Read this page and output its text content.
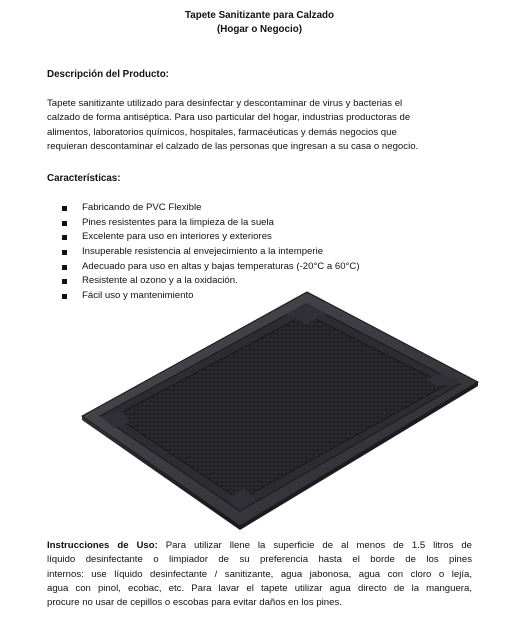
Tapete Sanitizante para Calzado
(Hogar o Negocio)
Descripción del Producto:
Tapete sanitizante utilizado para desinfectar y descontaminar de virus y bacterias el
calzado de forma antiséptica. Para uso particular del hogar, industrias productoras de
alimentos, laboratorios químicos, hospitales, farmacéuticas y demás negocios que
requieran descontaminar el calzado de las personas que ingresan a su casa o negocio.
Características:
Fabricando de PVC Flexible
Pines resistentes para la limpieza de la suela
Excelente para uso en interiores y exteriores
Insuperable resistencia al envejecimiento a la intemperie
Adecuado para uso en altas y bajas temperaturas (-20°C a 60°C)
Resistente al ozono y a la oxidación.
Fácil uso y mantenimiento
Instrucciones de Uso: Para utilizar llene la superficie de al menos de 1.5 litros de
líquido desinfectante o limpiador de su preferencia hasta el borde de los pines
internos: use líquido desinfectante / sanitizante, agua jabonosa, agua con cloro o lejía,
agua con pinol, ecobac, etc. Para lavar el tapete utilizar agua directo de la manguera,
procure no usar de cepillos o escobas para evitar daños en los pines.
